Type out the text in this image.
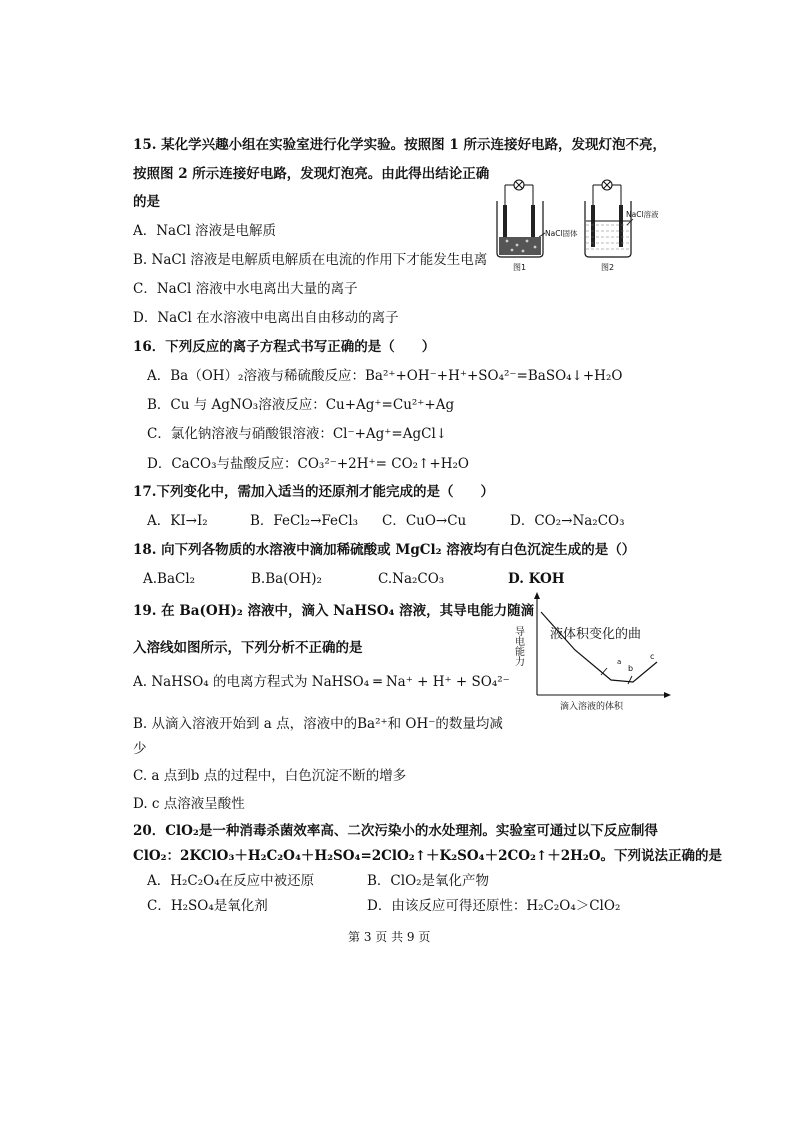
15. 某化学兴趣小组在实验室进行化学实验。按照图 1 所示连接好电路，发现灯泡不亮，
按照图 2 所示连接好电路，发现灯泡亮。由此得出结论正确
的是
A．NaCl 溶液是电解质
B. NaCl 溶液是电解质电解质在电流的作用下才能发生电离
C．NaCl 溶液中水电离出大量的离子
D．NaCl 在水溶液中电离出自由移动的离子
NaCl固体
图1
NaCl溶液
图2
16．下列反应的离子方程式书写正确的是（　　）
A．Ba（OH）₂溶液与稀硫酸反应：Ba²⁺+OH⁻+H⁺+SO₄²⁻=BaSO₄↓+H₂O
B．Cu 与 AgNO₃溶液反应：Cu+Ag⁺=Cu²⁺+Ag
C．氯化钠溶液与硝酸银溶液：Cl⁻+Ag⁺=AgCl↓
D．CaCO₃与盐酸反应：CO₃²⁻+2H⁺= CO₂↑+H₂O
17.下列变化中，需加入适当的还原剂才能完成的是（　　）
A．KI→I₂	B．FeCl₂→FeCl₃ C．CuO→Cu	D．CO₂→Na₂CO₃
18. 向下列各物质的水溶液中滴加稀硫酸或 MgCl₂ 溶液均有白色沉淀生成的是（）
A.BaCl₂	B.Ba(OH)₂	C.Na₂CO₃	D. KOH
19. 在 Ba(OH)₂ 溶液中，滴入 NaHSO₄ 溶液，其导电能力随滴
入溶线如图所示，下列分析不正确的是
A. NaHSO₄ 的电离方程式为 NaHSO₄ ═ Na⁺ + H⁺ + SO₄²⁻
B. 从滴入溶液开始到 a 点，溶液中的Ba²⁺和 OH⁻的数量均减
少
C. a 点到b 点的过程中，白色沉淀不断的增多
D. c 点溶液呈酸性
导电能力	a
b
c
液体积变化的曲
滴入溶液的体积
20．ClO₂是一种消毒杀菌效率高、二次污染小的水处理剂。实验室可通过以下反应制得
ClO₂：2KClO₃＋H₂C₂O₄＋H₂SO₄=2ClO₂↑＋K₂SO₄＋2CO₂↑＋2H₂O。下列说法正确的是
A．H₂C₂O₄在反应中被还原	B．ClO₂是氧化产物
C．H₂SO₄是氧化剂	D．由该反应可得还原性：H₂C₂O₄＞ClO₂
第 3 页 共 9 页
